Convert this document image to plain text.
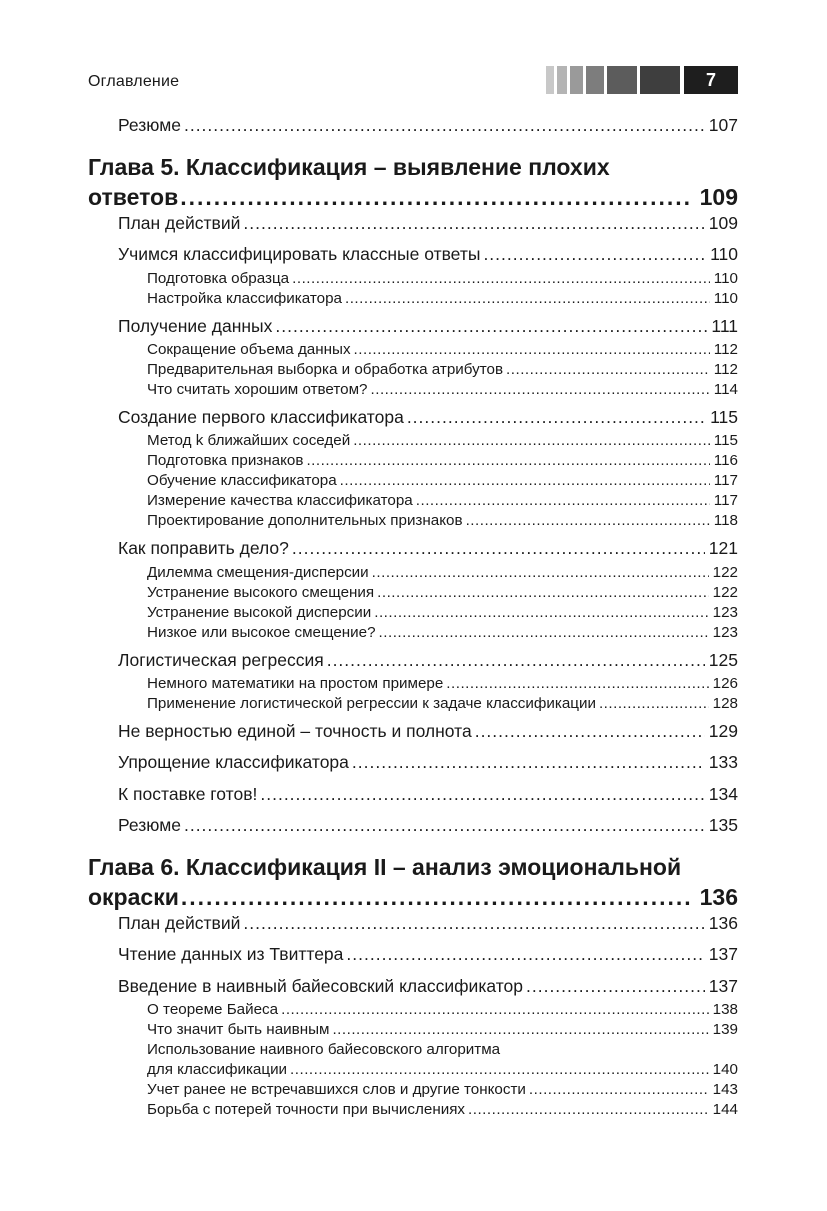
Оглавление	7
Резюме .....	107
Глава 5. Классификация – выявление плохих
ответов .....	109
План действий .....	109
Учимся классифицировать классные ответы .....	110
Подготовка образца .....	110
Настройка классификатора .....	110
Получение данных .....	111
Сокращение объема данных .....	112
Предварительная выборка и обработка атрибутов .....	112
Что считать хорошим ответом? .....	114
Создание первого классификатора .....	115
Метод k ближайших соседей .....	115
Подготовка признаков .....	116
Обучение классификатора .....	117
Измерение качества классификатора .....	117
Проектирование дополнительных признаков .....	118
Как поправить дело? .....	121
Дилемма смещения-дисперсии .....	122
Устранение высокого смещения .....	122
Устранение высокой дисперсии .....	123
Низкое или высокое смещение? .....	123
Логистическая регрессия .....	125
Немного математики на простом примере .....	126
Применение логистической регрессии к задаче классификации .....	128
Не верностью единой – точность и полнота .....	129
Упрощение классификатора .....	133
К поставке готов! .....	134
Резюме .....	135
Глава 6. Классификация II – анализ эмоциональной
окраски .....	136
План действий .....	136
Чтение данных из Твиттера .....	137
Введение в наивный байесовский классификатор .....	137
О теореме Байеса .....	138
Что значит быть наивным .....	139
Использование наивного байесовского алгоритма
для классификации .....	140
Учет ранее не встречавшихся слов и другие тонкости .....	143
Борьба с потерей точности при вычислениях .....	144
